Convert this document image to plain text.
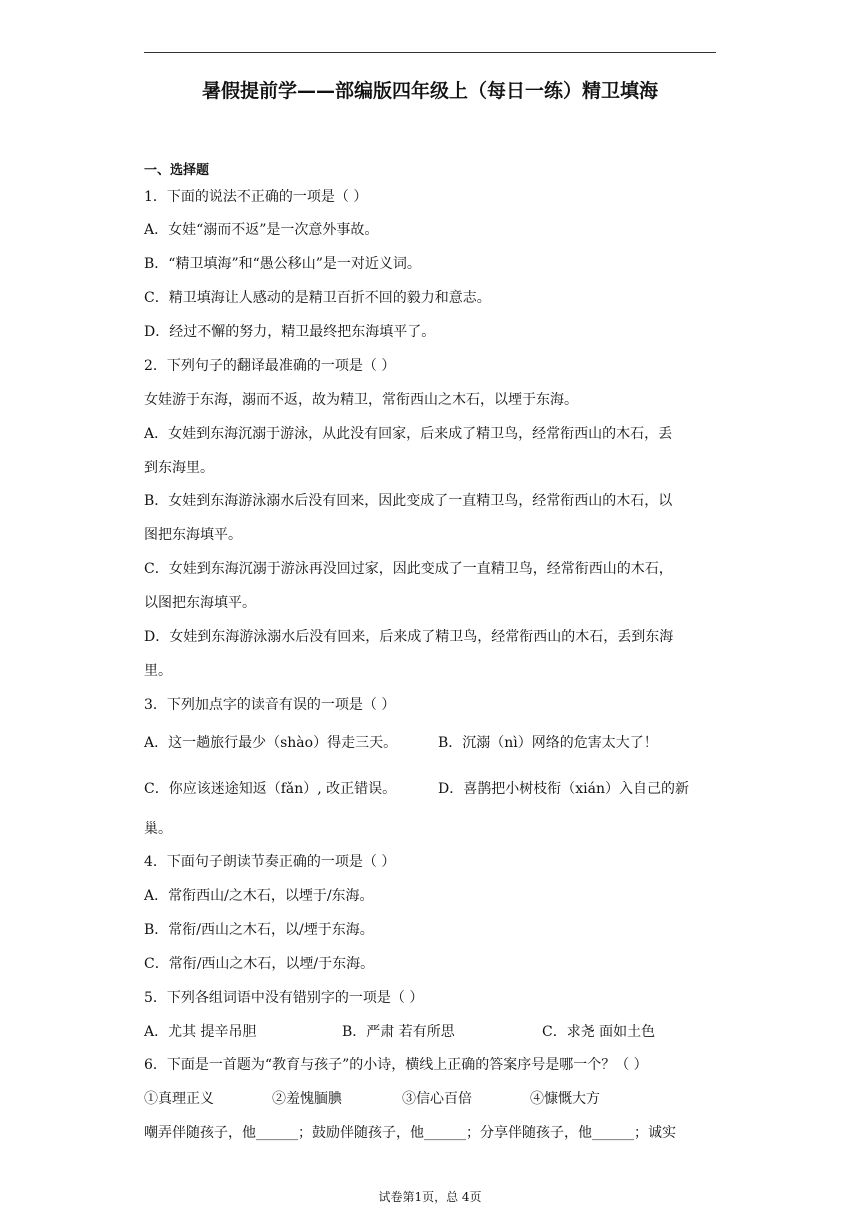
暑假提前学——部编版四年级上（每日一练）精卫填海
一、选择题
1．下面的说法不正确的一项是（ ）
A．女娃“溺而不返”是一次意外事故。
B．“精卫填海”和“愚公移山”是一对近义词。
C．精卫填海让人感动的是精卫百折不回的毅力和意志。
D．经过不懈的努力，精卫最终把东海填平了。
2．下列句子的翻译最准确的一项是（ ）
女娃游于东海，溺而不返，故为精卫，常衔西山之木石，以堙于东海。
A．女娃到东海沉溺于游泳，从此没有回家，后来成了精卫鸟，经常衔西山的木石，丢
到东海里。
B．女娃到东海游泳溺水后没有回来，因此变成了一直精卫鸟，经常衔西山的木石，以
图把东海填平。
C．女娃到东海沉溺于游泳再没回过家，因此变成了一直精卫鸟，经常衔西山的木石，
以图把东海填平。
D．女娃到东海游泳溺水后没有回来，后来成了精卫鸟，经常衔西山的木石，丢到东海
里。
3．下列加点字的读音有误的一项是（ ）
A．这一趟旅行最少（shào）得走三天。	B．沉溺（nì）网络的危害太大了！
C．你应该迷途知返（fǎn）, 改正错误。	D．喜鹊把小树枝衔（xián）入自己的新
巢。
4．下面句子朗读节奏正确的一项是（ ）
A．常衔西山/之木石，以堙于/东海。
B．常衔/西山之木石，以/堙于东海。
C．常衔/西山之木石，以堙/于东海。
5．下列各组词语中没有错别字的一项是（ ）
A．尤其 提辛吊胆	B．严肃 若有所思	C．求尧 面如土色
6．下面是一首题为“教育与孩子”的小诗，横线上正确的答案序号是哪一个？（ ）
①真理正义	②羞愧腼腆	③信心百倍	④慷慨大方
嘲弄伴随孩子，他______；鼓励伴随孩子，他______；分享伴随孩子，他______；诚实
试卷第1页，总 4页
